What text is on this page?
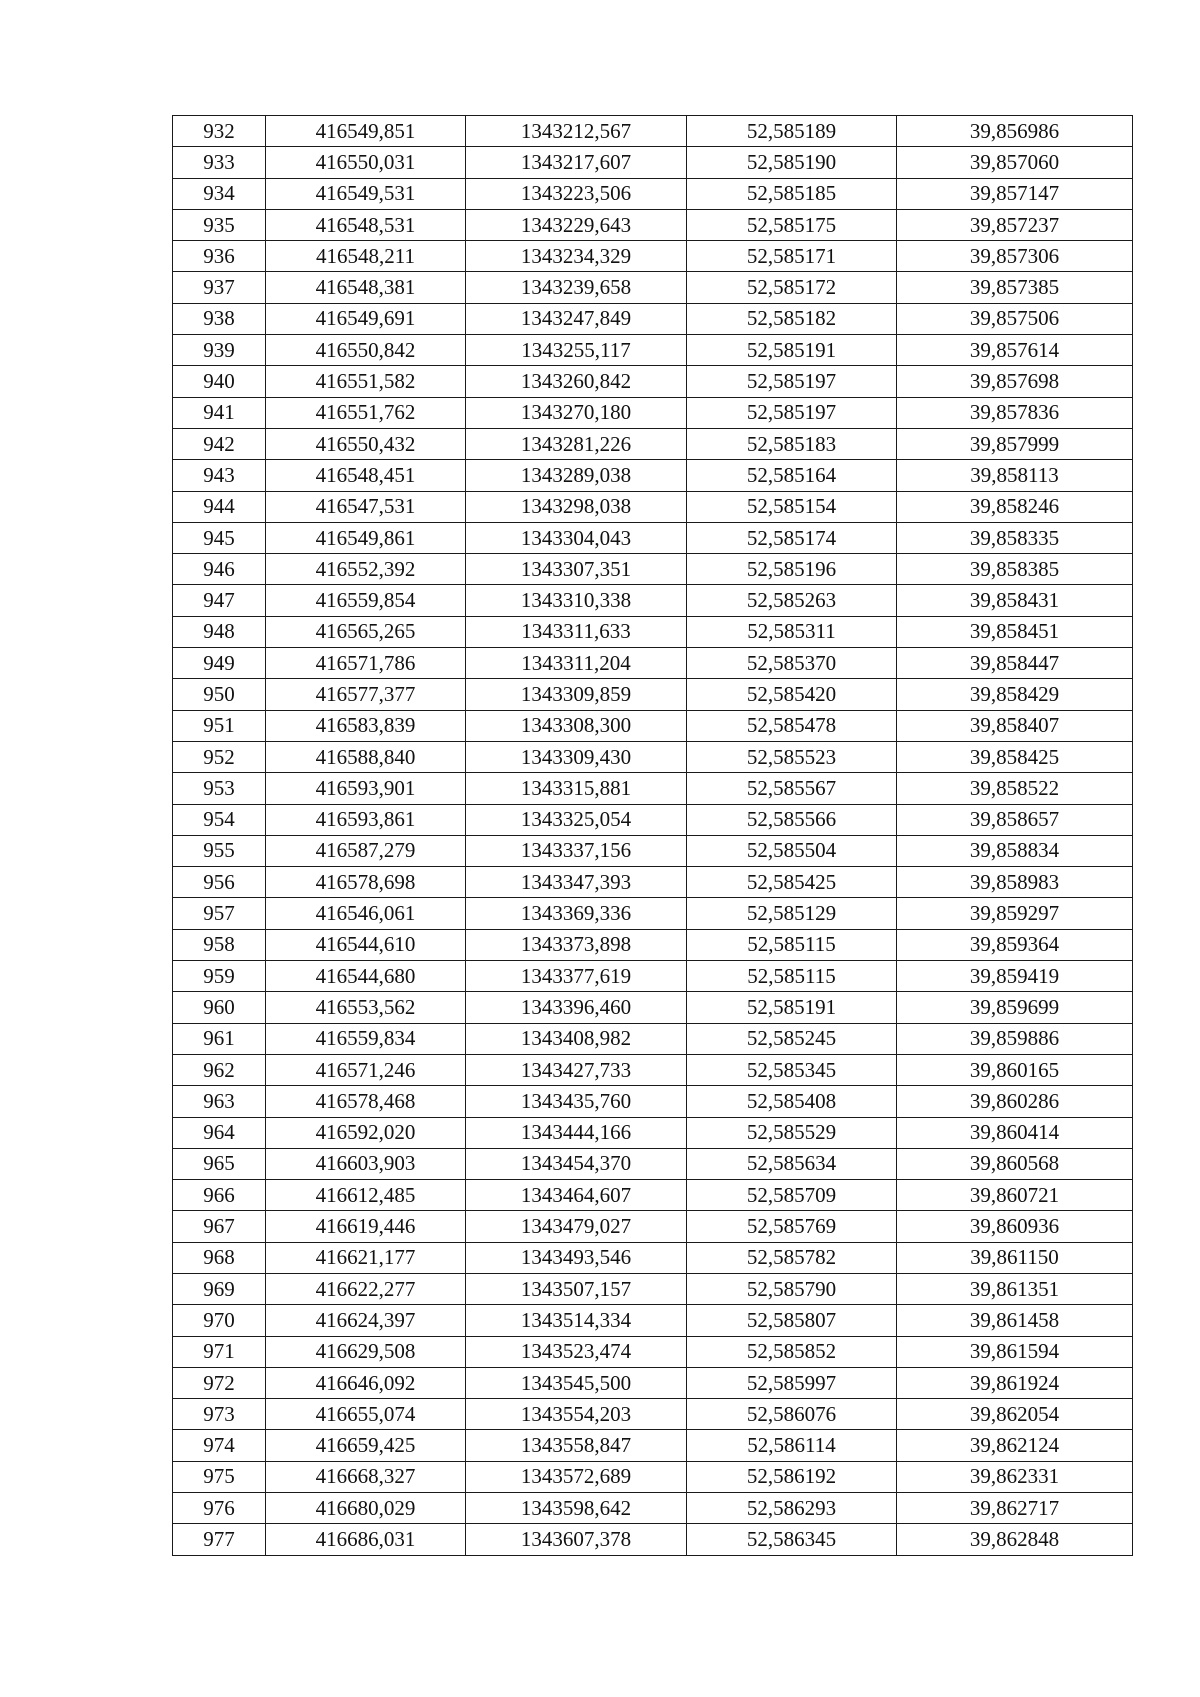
932	416549,851	1343212,567	52,585189	39,856986
933	416550,031	1343217,607	52,585190	39,857060
934	416549,531	1343223,506	52,585185	39,857147
935	416548,531	1343229,643	52,585175	39,857237
936	416548,211	1343234,329	52,585171	39,857306
937	416548,381	1343239,658	52,585172	39,857385
938	416549,691	1343247,849	52,585182	39,857506
939	416550,842	1343255,117	52,585191	39,857614
940	416551,582	1343260,842	52,585197	39,857698
941	416551,762	1343270,180	52,585197	39,857836
942	416550,432	1343281,226	52,585183	39,857999
943	416548,451	1343289,038	52,585164	39,858113
944	416547,531	1343298,038	52,585154	39,858246
945	416549,861	1343304,043	52,585174	39,858335
946	416552,392	1343307,351	52,585196	39,858385
947	416559,854	1343310,338	52,585263	39,858431
948	416565,265	1343311,633	52,585311	39,858451
949	416571,786	1343311,204	52,585370	39,858447
950	416577,377	1343309,859	52,585420	39,858429
951	416583,839	1343308,300	52,585478	39,858407
952	416588,840	1343309,430	52,585523	39,858425
953	416593,901	1343315,881	52,585567	39,858522
954	416593,861	1343325,054	52,585566	39,858657
955	416587,279	1343337,156	52,585504	39,858834
956	416578,698	1343347,393	52,585425	39,858983
957	416546,061	1343369,336	52,585129	39,859297
958	416544,610	1343373,898	52,585115	39,859364
959	416544,680	1343377,619	52,585115	39,859419
960	416553,562	1343396,460	52,585191	39,859699
961	416559,834	1343408,982	52,585245	39,859886
962	416571,246	1343427,733	52,585345	39,860165
963	416578,468	1343435,760	52,585408	39,860286
964	416592,020	1343444,166	52,585529	39,860414
965	416603,903	1343454,370	52,585634	39,860568
966	416612,485	1343464,607	52,585709	39,860721
967	416619,446	1343479,027	52,585769	39,860936
968	416621,177	1343493,546	52,585782	39,861150
969	416622,277	1343507,157	52,585790	39,861351
970	416624,397	1343514,334	52,585807	39,861458
971	416629,508	1343523,474	52,585852	39,861594
972	416646,092	1343545,500	52,585997	39,861924
973	416655,074	1343554,203	52,586076	39,862054
974	416659,425	1343558,847	52,586114	39,862124
975	416668,327	1343572,689	52,586192	39,862331
976	416680,029	1343598,642	52,586293	39,862717
977	416686,031	1343607,378	52,586345	39,862848
